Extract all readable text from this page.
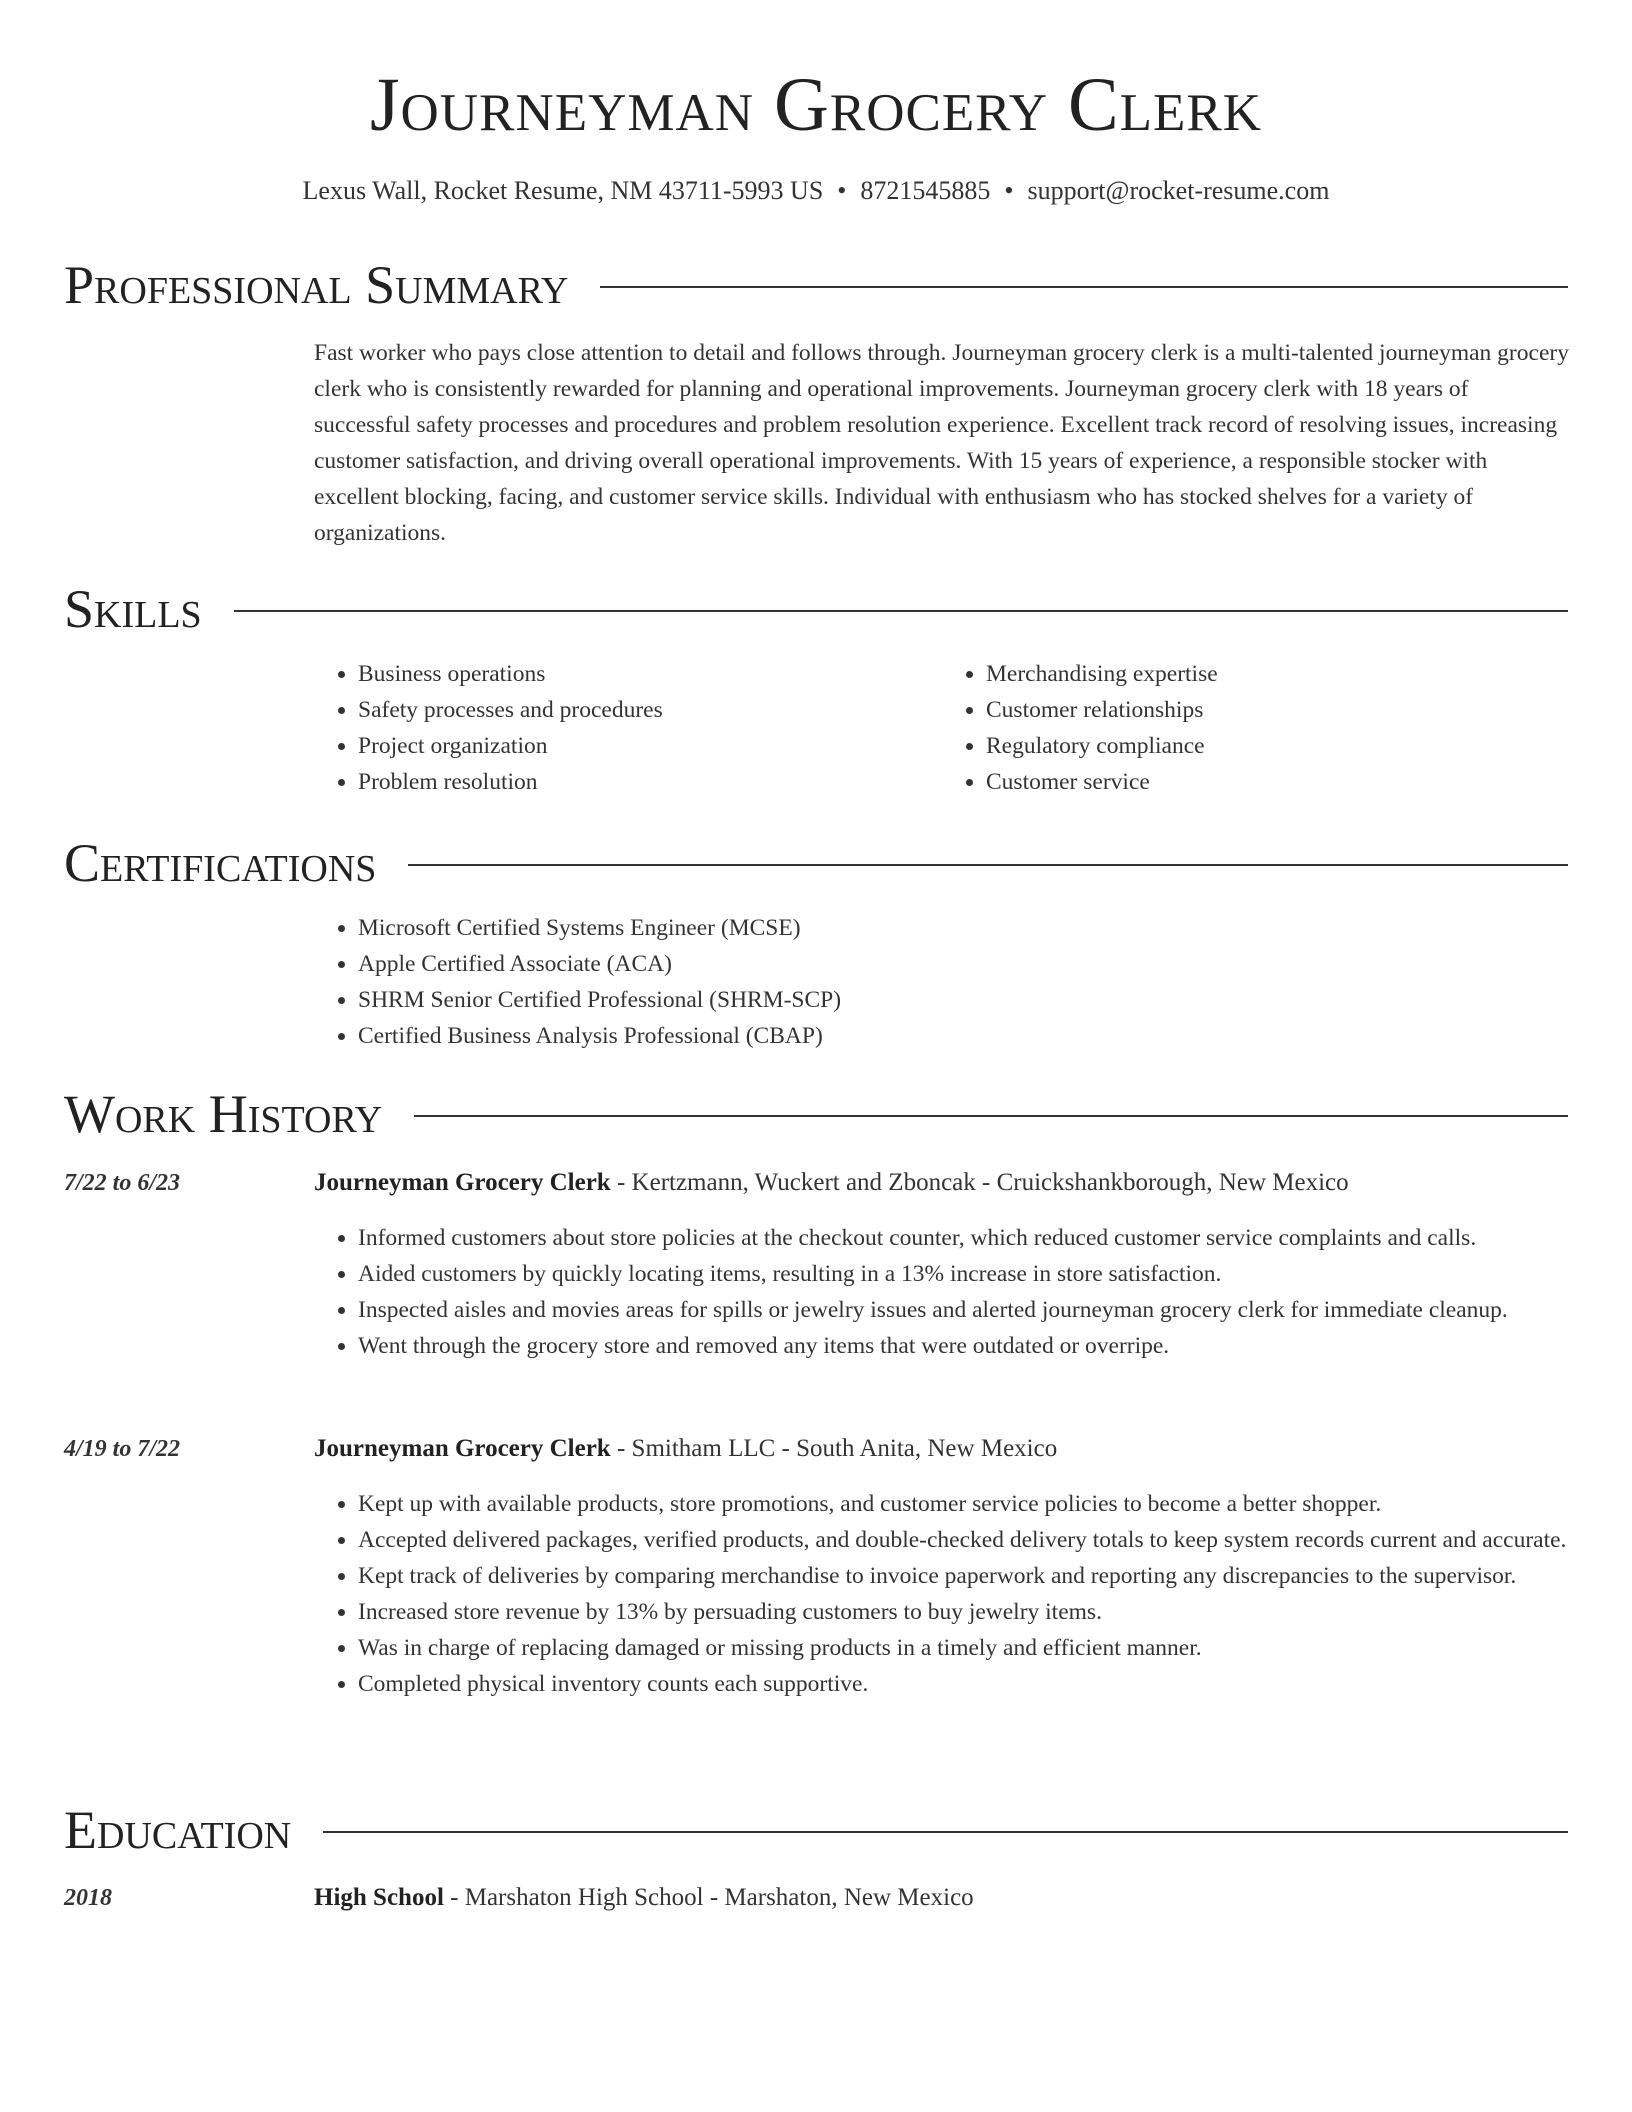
Journeyman Grocery Clerk
Lexus Wall, Rocket Resume, NM 43711-5993 US • 8721545885 • support@rocket-resume.com
Professional Summary

Fast worker who pays close attention to detail and follows through. Journeyman grocery clerk is a multi-talented journeyman grocery clerk who is consistently rewarded for planning and operational improvements. Journeyman grocery clerk with 18 years of successful safety processes and procedures and problem resolution experience. Excellent track record of resolving issues, increasing customer satisfaction, and driving overall operational improvements. With 15 years of experience, a responsible stocker with excellent blocking, facing, and customer service skills. Individual with enthusiasm who has stocked shelves for a variety of organizations.

Skills
• Business operations
• Safety processes and procedures
• Project organization
• Problem resolution
• Merchandising expertise
• Customer relationships
• Regulatory compliance
• Customer service
Certifications
• Microsoft Certified Systems Engineer (MCSE)
• Apple Certified Associate (ACA)
• SHRM Senior Certified Professional (SHRM-SCP)
• Certified Business Analysis Professional (CBAP)
Work History
7/22 to 6/23	Journeyman Grocery Clerk - Kertzmann, Wuckert and Zboncak - Cruickshankborough, New Mexico
• Informed customers about store policies at the checkout counter, which reduced customer service complaints and calls.
• Aided customers by quickly locating items, resulting in a 13% increase in store satisfaction.
• Inspected aisles and movies areas for spills or jewelry issues and alerted journeyman grocery clerk for immediate cleanup.
• Went through the grocery store and removed any items that were outdated or overripe.
4/19 to 7/22	Journeyman Grocery Clerk - Smitham LLC - South Anita, New Mexico
• Kept up with available products, store promotions, and customer service policies to become a better shopper.
• Accepted delivered packages, verified products, and double-checked delivery totals to keep system records current and accurate.
• Kept track of deliveries by comparing merchandise to invoice paperwork and reporting any discrepancies to the supervisor.
• Increased store revenue by 13% by persuading customers to buy jewelry items.
• Was in charge of replacing damaged or missing products in a timely and efficient manner.
• Completed physical inventory counts each supportive.
Education
2018	High School - Marshaton High School - Marshaton, New Mexico
